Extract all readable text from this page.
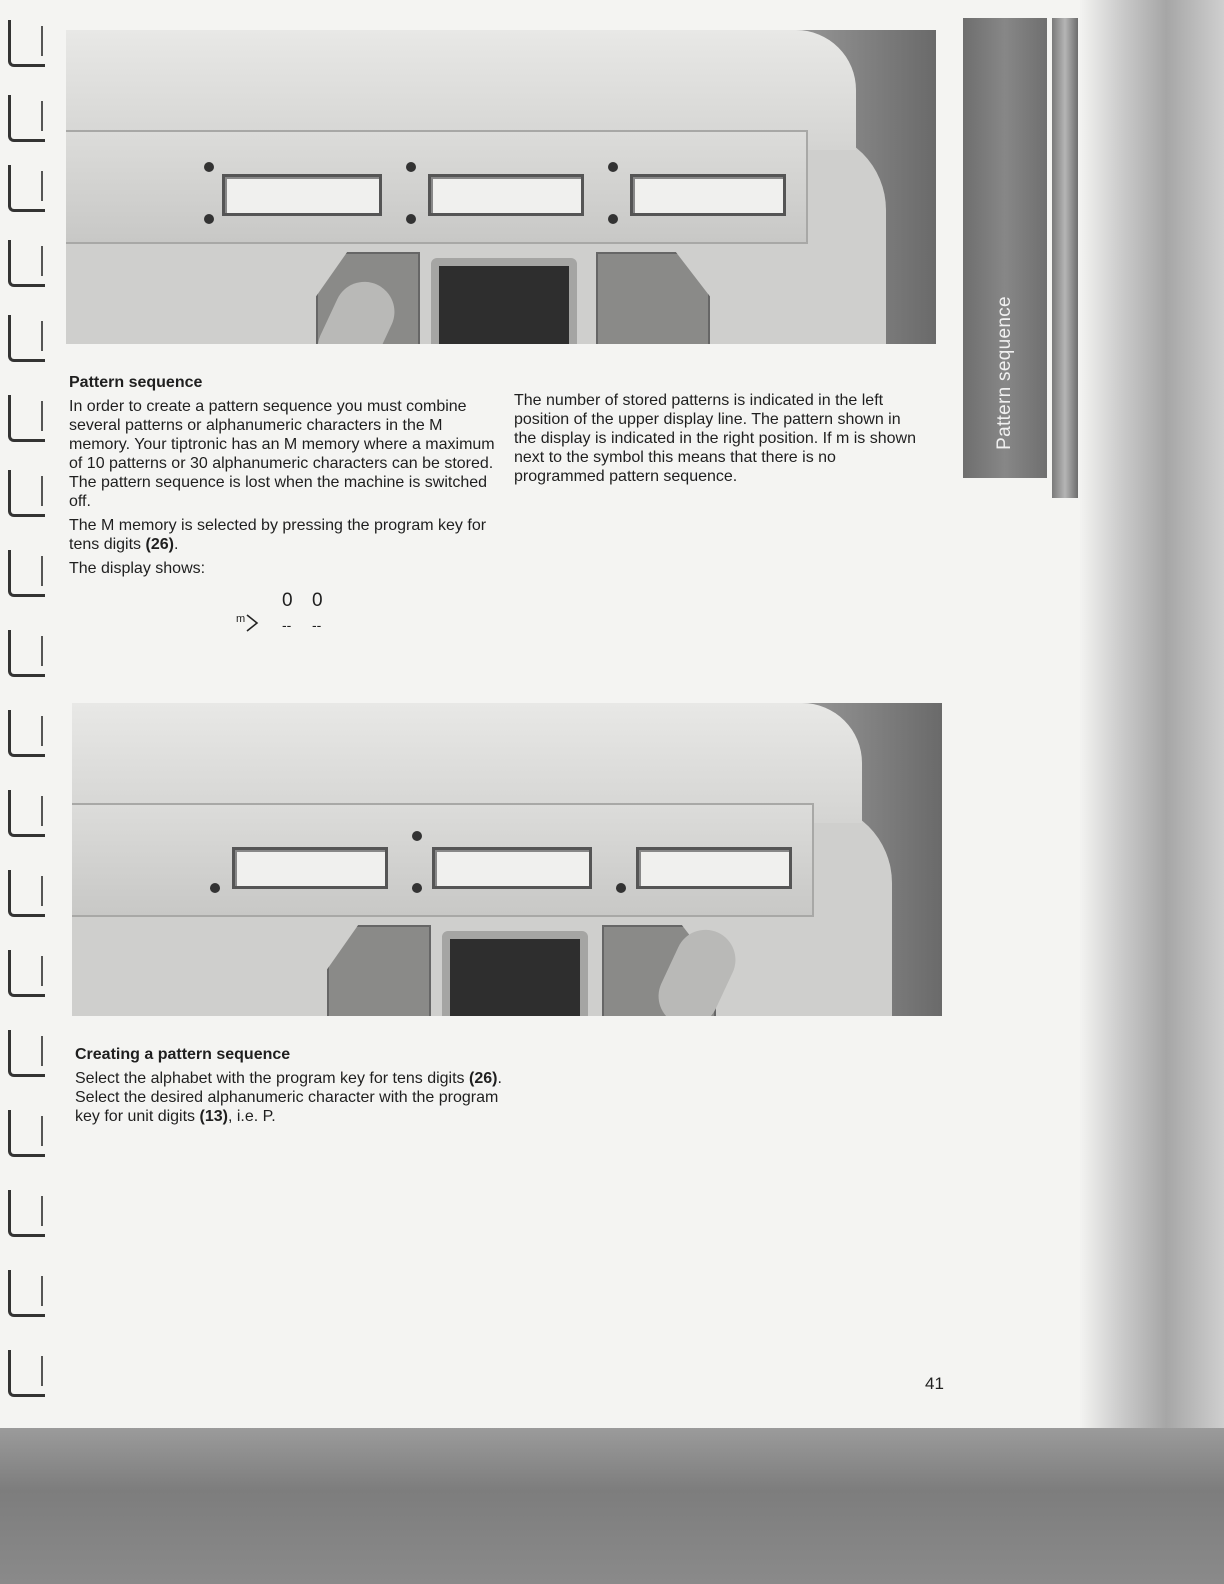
Pattern sequence
Pattern sequence

In order to create a pattern sequence you must combine several patterns or alphanumeric characters in the M memory. Your tiptronic has an M memory where a maximum of 10 patterns or 30 alphanumeric characters can be stored. The pattern sequence is lost when the machine is switched off.

The M memory is selected by pressing the program key for tens digits (26).

The display shows:

0 0
-- --
m
The number of stored patterns is indicated in the left position of the upper display line. The pattern shown in the display is indicated in the right position. If m is shown next to the symbol this means that there is no programmed pattern sequence.
Creating a pattern sequence

Select the alphabet with the program key for tens digits (26). Select the desired alphanumeric character with the program key for unit digits (13), i.e. P.

41
